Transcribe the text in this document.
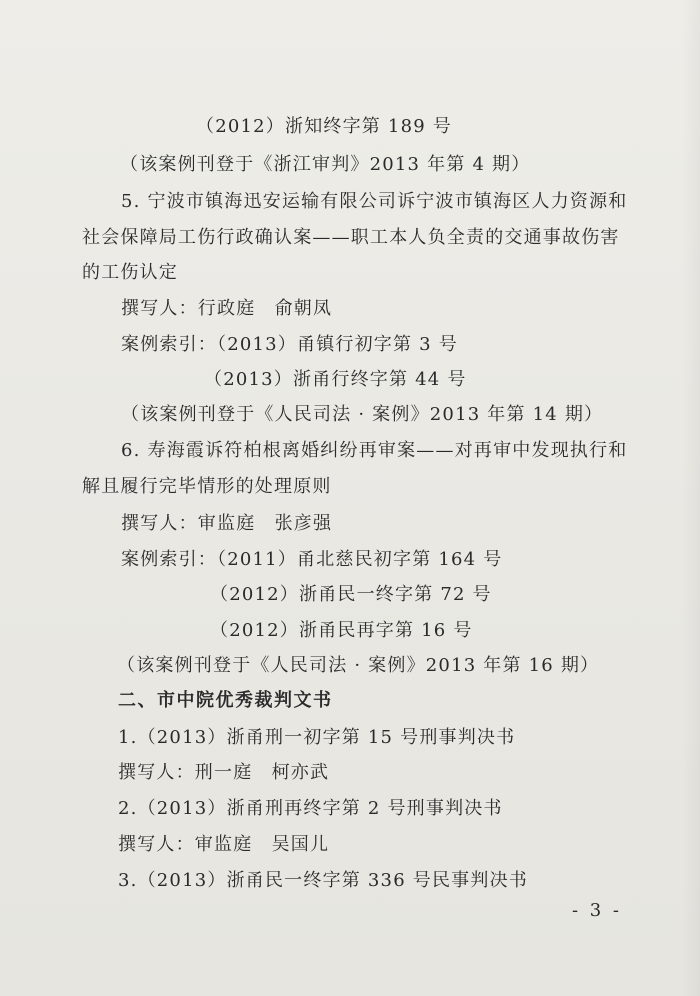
（2012）浙知终字第 189 号
（该案例刊登于《浙江审判》2013 年第 4 期）
5. 宁波市镇海迅安运输有限公司诉宁波市镇海区人力资源和
社会保障局工伤行政确认案——职工本人负全责的交通事故伤害
的工伤认定
撰写人：行政庭　俞朝凤
案例索引：（2013）甬镇行初字第 3 号
（2013）浙甬行终字第 44 号
（该案例刊登于《人民司法 · 案例》2013 年第 14 期）
6. 寿海霞诉符柏根离婚纠纷再审案——对再审中发现执行和
解且履行完毕情形的处理原则
撰写人：审监庭　张彦强
案例索引：（2011）甬北慈民初字第 164 号
（2012）浙甬民一终字第 72 号
（2012）浙甬民再字第 16 号
（该案例刊登于《人民司法 · 案例》2013 年第 16 期）
二、市中院优秀裁判文书
1.（2013）浙甬刑一初字第 15 号刑事判决书
撰写人：刑一庭　柯亦武
2.（2013）浙甬刑再终字第 2 号刑事判决书
撰写人：审监庭　吴国儿
3.（2013）浙甬民一终字第 336 号民事判决书
- 3 -
